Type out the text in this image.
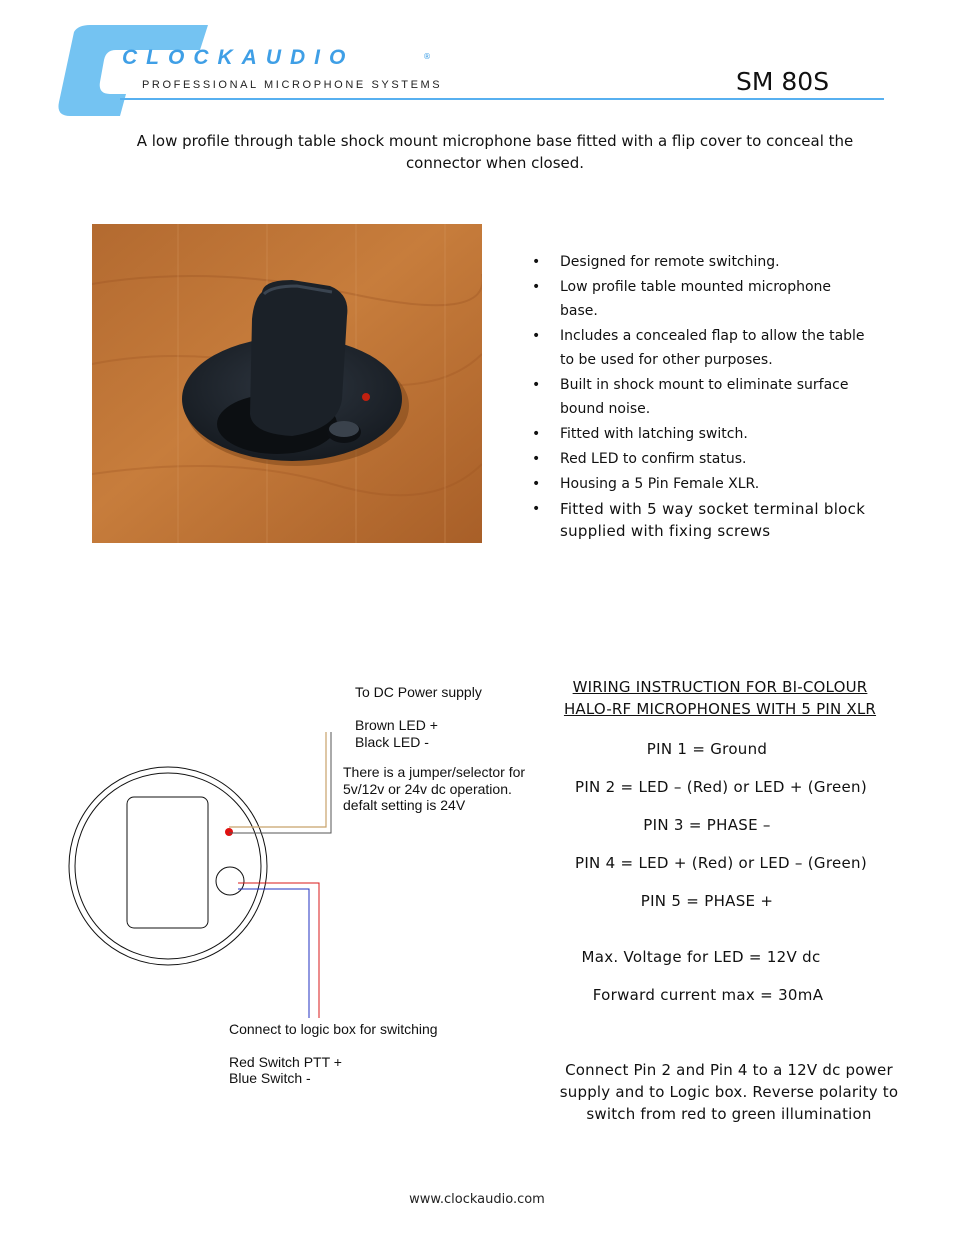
CLOCKAUDIO	®
PROFESSIONAL MICROPHONE SYSTEMS	SM 80S
A low profile through table shock mount microphone base fitted with a flip cover to conceal the connector when closed.
• Designed for remote switching.
• Low profile table mounted microphone base.
• Includes a concealed flap to allow the table to be used for other purposes.
• Built in shock mount to eliminate surface bound noise.
• Fitted with latching switch.
• Red LED to confirm status.
• Housing a 5 Pin Female XLR.
• Fitted with 5 way socket terminal block supplied with fixing screws
To DC Power supply
Brown LED +
Black LED -
There is a jumper/selector for
5v/12v or 24v dc operation.
defalt setting is 24V
Connect to logic box for switching
Red Switch PTT +
Blue Switch -
WIRING INSTRUCTION FOR BI-COLOUR
HALO-RF MICROPHONES WITH 5 PIN XLR
PIN 1 = Ground
PIN 2 = LED – (Red) or LED + (Green)
PIN 3 = PHASE –
PIN 4 = LED + (Red) or LED – (Green)
PIN 5 = PHASE +
Max. Voltage for LED = 12V dc
Forward current max = 30mA
Connect Pin 2 and Pin 4 to a 12V dc power supply and to Logic box. Reverse polarity to switch from red to green illumination
www.clockaudio.com
